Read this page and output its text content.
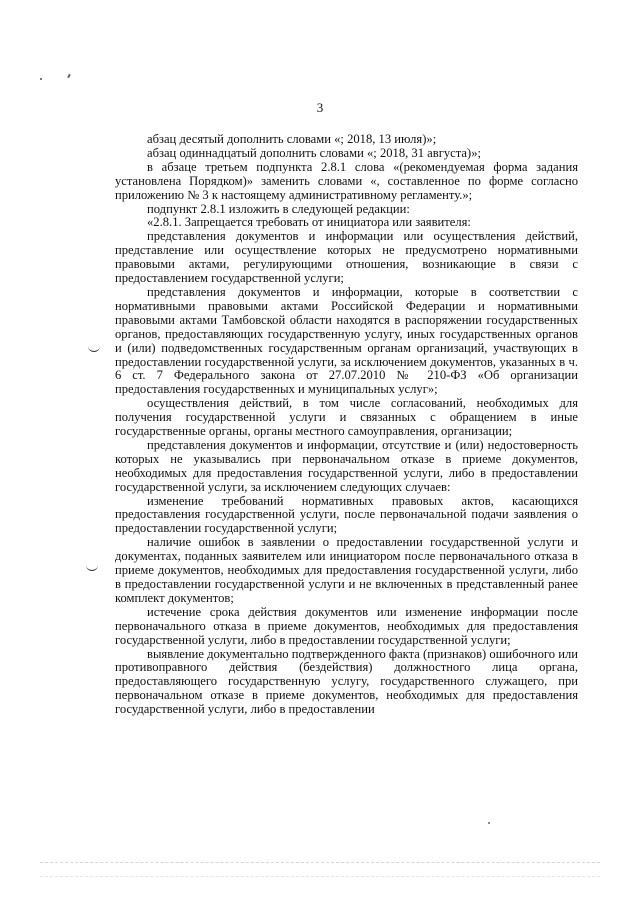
3

абзац десятый дополнить словами «; 2018, 13 июля)»;

абзац одиннадцатый дополнить словами «; 2018, 31 августа)»;

в абзаце третьем подпункта 2.8.1 слова «(рекомендуемая форма задания установлена Порядком)» заменить словами «, составленное по форме согласно приложению № 3 к настоящему административному регламенту.»;

подпункт 2.8.1 изложить в следующей редакции:

«2.8.1. Запрещается требовать от инициатора или заявителя:

представления документов и информации или осуществления действий, представление или осуществление которых не предусмотрено нормативными правовыми актами, регулирующими отношения, возникающие в связи с предоставлением государственной услуги;

представления документов и информации, которые в соответствии с нормативными правовыми актами Российской Федерации и нормативными правовыми актами Тамбовской области находятся в распоряжении государственных органов, предоставляющих государственную услугу, иных государственных органов и (или) подведомственных государственным органам организаций, участвующих в предоставлении государственной услуги, за исключением документов, указанных в ч. 6 ст. 7 Федерального закона от 27.07.2010 № 210-ФЗ «Об организации предоставления государственных и муниципальных услуг»;

осуществления действий, в том числе согласований, необходимых для получения государственной услуги и связанных с обращением в иные государственные органы, органы местного самоуправления, организации;

представления документов и информации, отсутствие и (или) недостоверность которых не указывались при первоначальном отказе в приеме документов, необходимых для предоставления государственной услуги, либо в предоставлении государственной услуги, за исключением следующих случаев:

изменение требований нормативных правовых актов, касающихся предоставления государственной услуги, после первоначальной подачи заявления о предоставлении государственной услуги;

наличие ошибок в заявлении о предоставлении государственной услуги и документах, поданных заявителем или инициатором после первоначального отказа в приеме документов, необходимых для предоставления государственной услуги, либо в предоставлении государственной услуги и не включенных в представленный ранее комплект документов;

истечение срока действия документов или изменение информации после первоначального отказа в приеме документов, необходимых для предоставления государственной услуги, либо в предоставлении государственной услуги;

выявление документально подтвержденного факта (признаков) ошибочного или противоправного действия (бездействия) должностного лица органа, предоставляющего государственную услугу, государственного служащего, при первоначальном отказе в приеме документов, необходимых для предоставления государственной услуги, либо в предоставлении
